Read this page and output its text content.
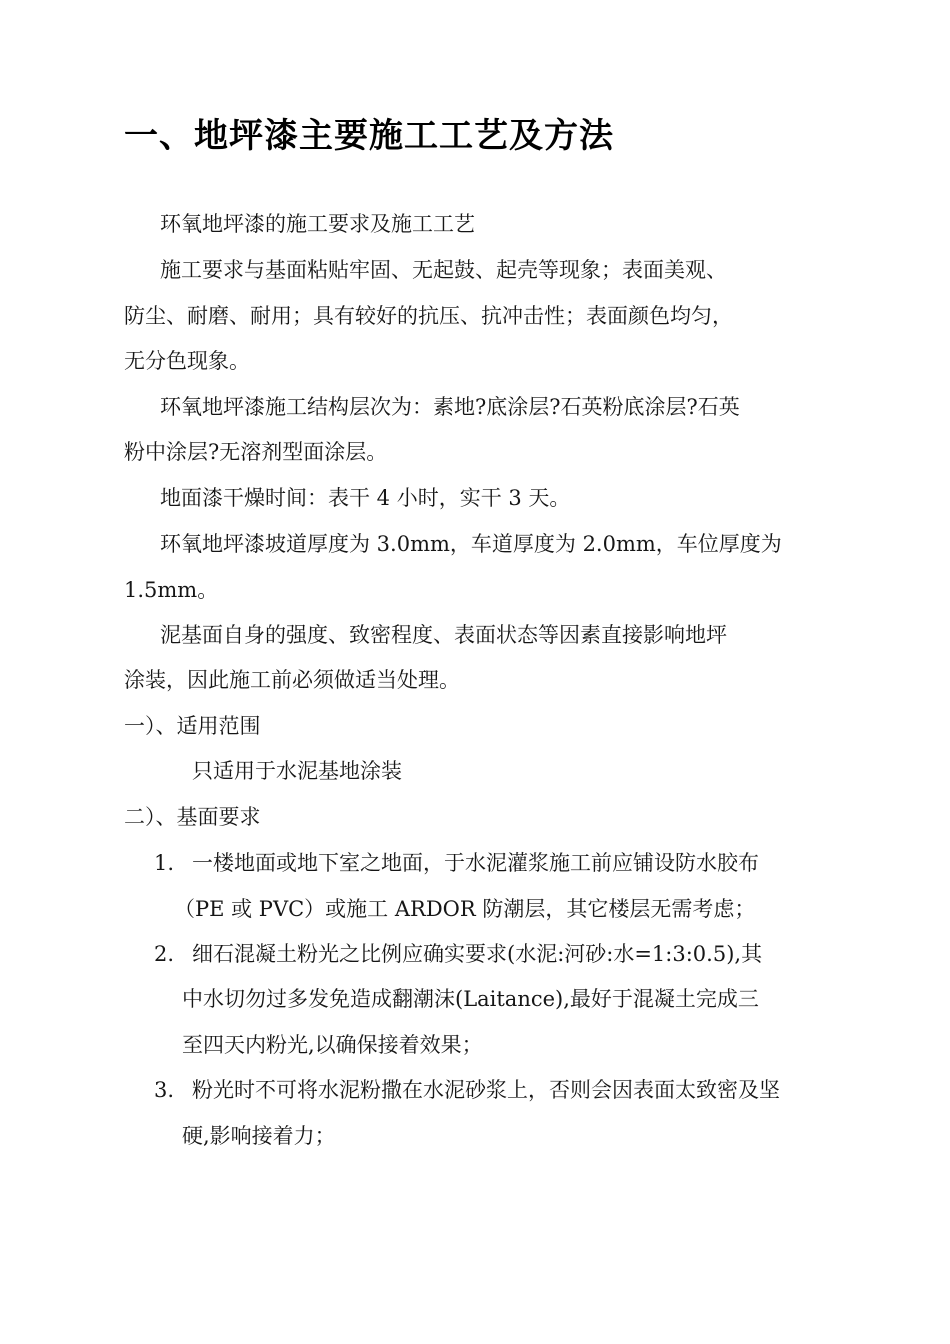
一、地坪漆主要施工工艺及方法
环氧地坪漆的施工要求及施工工艺
施工要求与基面粘贴牢固、无起鼓、起壳等现象；表面美观、
防尘、耐磨、耐用；具有较好的抗压、抗冲击性；表面颜色均匀，
无分色现象。
环氧地坪漆施工结构层次为：素地?底涂层?石英粉底涂层?石英
粉中涂层?无溶剂型面涂层。
地面漆干燥时间：表干 4 小时，实干 3 天。
环氧地坪漆坡道厚度为 3.0mm，车道厚度为 2.0mm，车位厚度为
1.5mm。
泥基面自身的强度、致密程度、表面状态等因素直接影响地坪
涂装，因此施工前必须做适当处理。
一）、适用范围
只适用于水泥基地涂装
二）、基面要求
1. 一楼地面或地下室之地面，于水泥灌浆施工前应铺设防水胶布
（PE 或 PVC）或施工 ARDOR 防潮层，其它楼层无需考虑；
2. 细石混凝土粉光之比例应确实要求(水泥:河砂:水=1:3:0.5),其
中水切勿过多发免造成翻潮沫(Laitance),最好于混凝土完成三
至四天内粉光,以确保接着效果；
3. 粉光时不可将水泥粉撒在水泥砂浆上，否则会因表面太致密及坚
硬,影响接着力；
